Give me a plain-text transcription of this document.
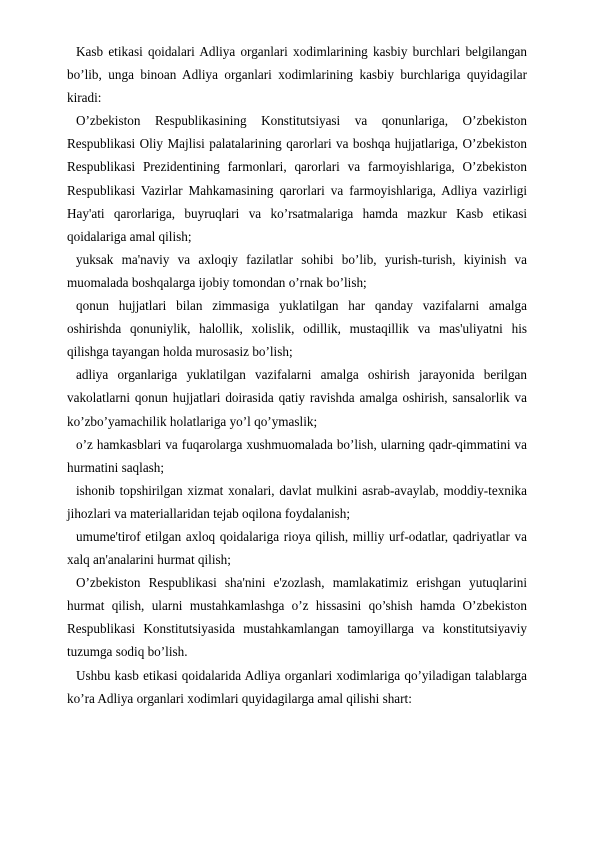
Kasb etikasi qoidalari Adliya organlari xodimlarining kasbiy burchlari belgilangan bo’lib, unga binoan Adliya organlari xodimlarining kasbiy burchlariga quyidagilar kiradi:

O’zbekiston Respublikasining Konstitutsiyasi va qonunlariga, O’zbekiston Respublikasi Oliy Majlisi palatalarining qarorlari va boshqa hujjatlariga, O’zbekiston Respublikasi Prezidentining farmonlari, qarorlari va farmoyishlariga, O’zbekiston Respublikasi Vazirlar Mahkamasining qarorlari va farmoyishlariga, Adliya vazirligi Hay'ati qarorlariga, buyruqlari va ko’rsatmalariga hamda mazkur Kasb etikasi qoidalariga amal qilish;

yuksak ma'naviy va axloqiy fazilatlar sohibi bo’lib, yurish-turish, kiyinish va muomalada boshqalarga ijobiy tomondan o’rnak bo’lish;

qonun hujjatlari bilan zimmasiga yuklatilgan har qanday vazifalarni amalga oshirishda qonuniylik, halollik, xolislik, odillik, mustaqillik va mas'uliyatni his qilishga tayangan holda murosasiz bo’lish;

adliya organlariga yuklatilgan vazifalarni amalga oshirish jarayonida berilgan vakolatlarni qonun hujjatlari doirasida qatiy ravishda amalga oshirish, sansalorlik va ko’zbo’yamachilik holatlariga yo’l qo’ymaslik;

o’z hamkasblari va fuqarolarga xushmuomalada bo’lish, ularning qadr-qimmatini va hurmatini saqlash;

ishonib topshirilgan xizmat xonalari, davlat mulkini asrab-avaylab, moddiy-texnika jihozlari va materiallaridan tejab oqilona foydalanish;

umume'tirof etilgan axloq qoidalariga rioya qilish, milliy urf-odatlar, qadriyatlar va xalq an'analarini hurmat qilish;

O’zbekiston Respublikasi sha'nini e'zozlash, mamlakatimiz erishgan yutuqlarini hurmat qilish, ularni mustahkamlashga o’z hissasini qo’shish hamda O’zbekiston Respublikasi Konstitutsiyasida mustahkamlangan tamoyillarga va konstitutsiyaviy tuzumga sodiq bo’lish.

Ushbu kasb etikasi qoidalarida Adliya organlari xodimlariga qo’yiladigan talablarga ko’ra Adliya organlari xodimlari quyidagilarga amal qilishi shart:
